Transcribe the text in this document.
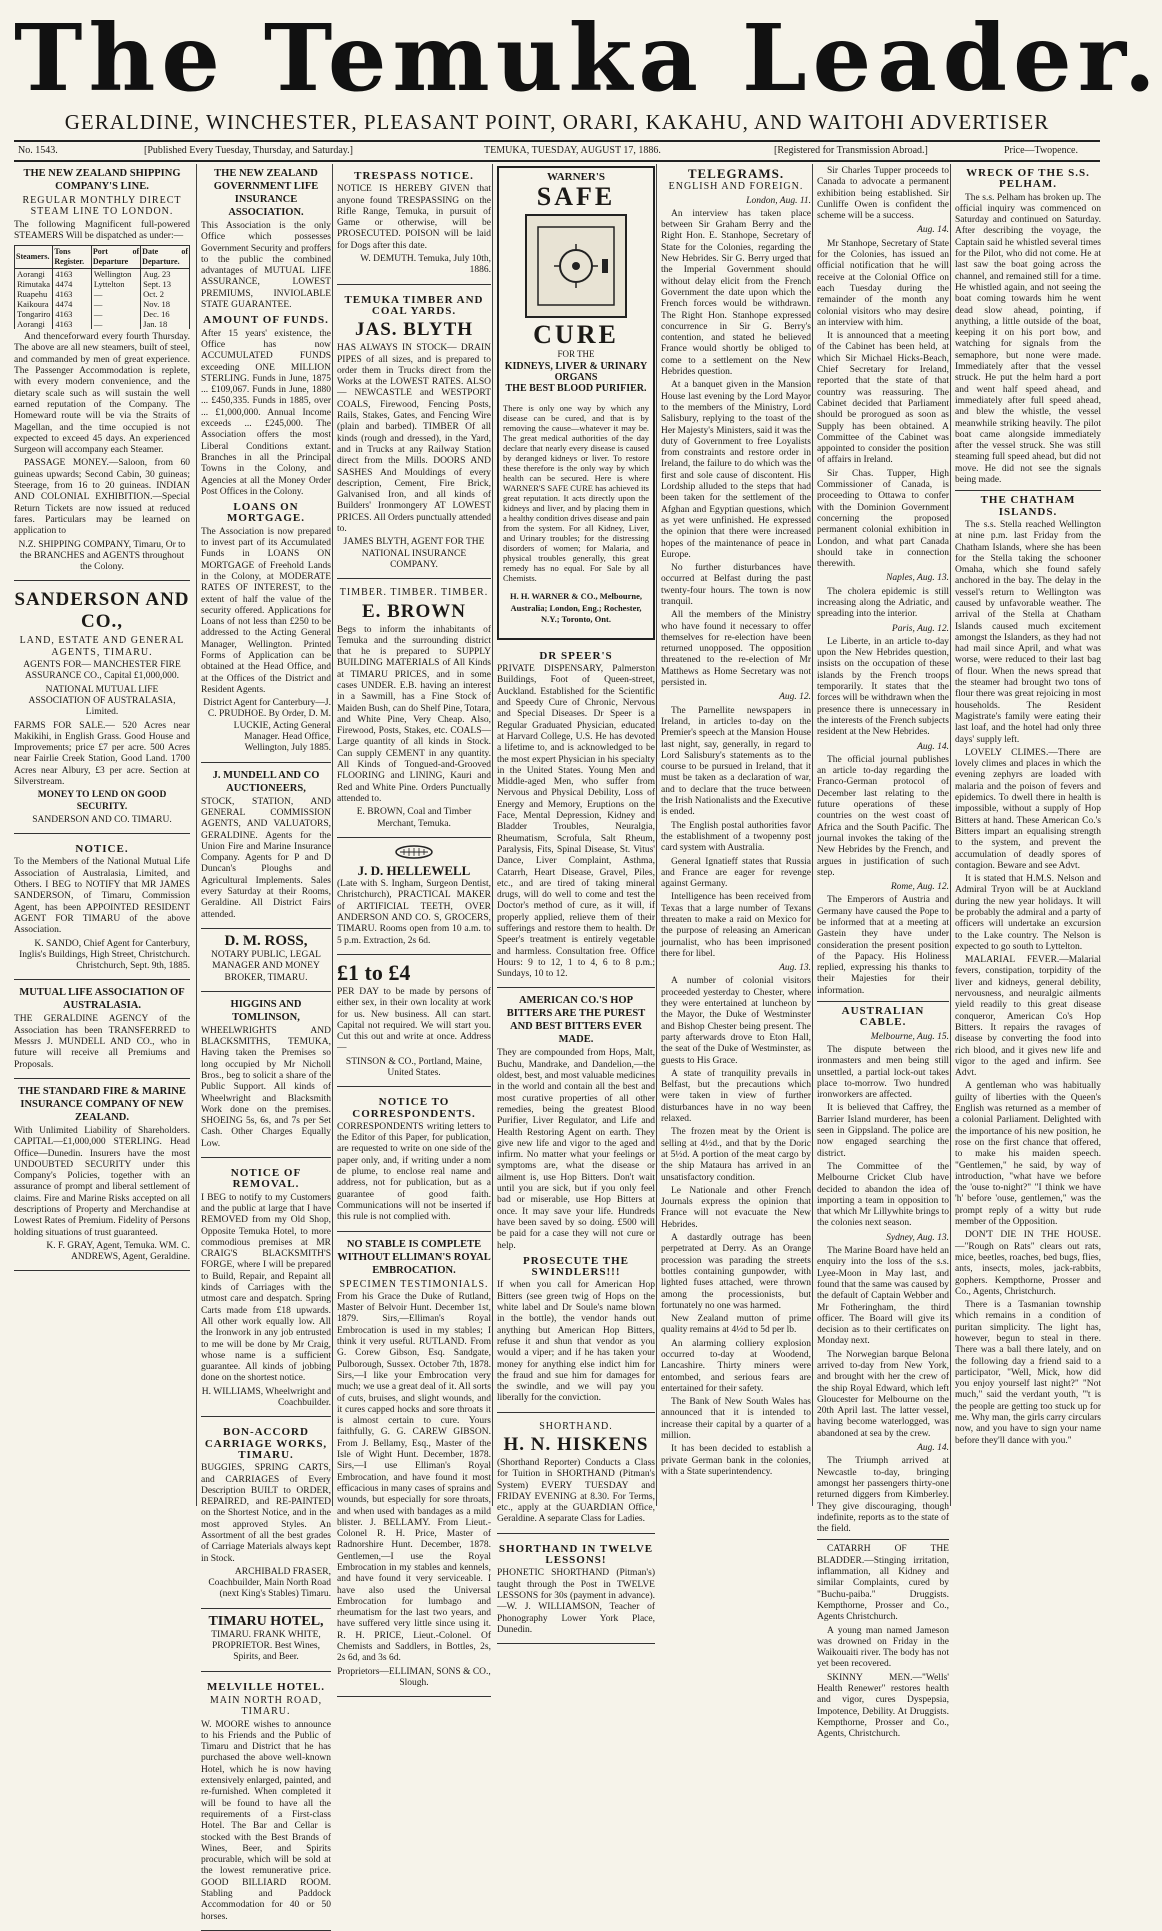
The Temuka Leader.
GERALDINE, WINCHESTER, PLEASANT POINT, ORARI, KAKAHU, AND WAITOHI ADVERTISER
No. 1543.	[Published Every Tuesday, Thursday, and Saturday.]	TEMUKA, TUESDAY, AUGUST 17, 1886.	[Registered for Transmission Abroad.]	Price—Twopence.
THE NEW ZEALAND SHIPPING COMPANY'S LINE.
REGULAR MONTHLY DIRECT STEAM LINE TO LONDON.

The following Magnificent full-powered STEAMERS Will be dispatched as under:—

Steamers.	Tons Register.	Port of Departure	Date of Departure.
Aorangi	4163	Wellington	Aug. 23
Rimutaka	4474	Lyttelton	Sept. 13
Ruapehu	4163	—	Oct. 2
Kaikoura	4474	—	Nov. 18
Tongariro	4163	—	Dec. 16
Aorangi	4163	—	Jan. 18

And thenceforward every fourth Thursday. The above are all new steamers, built of steel, and commanded by men of great experience. The Passenger Accommodation is replete, with every modern convenience, and the dietary scale such as will sustain the well earned reputation of the Company. The Homeward route will be via the Straits of Magellan, and the time occupied is not expected to exceed 45 days. An experienced Surgeon will accompany each Steamer.

PASSAGE MONEY.—Saloon, from 60 guineas upwards; Second Cabin, 30 guineas; Steerage, from 16 to 20 guineas. INDIAN AND COLONIAL EXHIBITION.—Special Return Tickets are now issued at reduced fares. Particulars may be learned on application to

N.Z. SHIPPING COMPANY, Timaru, Or to the BRANCHES and AGENTS throughout the Colony.

SANDERSON AND CO.,
LAND, ESTATE AND GENERAL AGENTS, TIMARU.

AGENTS FOR— MANCHESTER FIRE ASSURANCE CO., Capital £1,000,000.

NATIONAL MUTUAL LIFE ASSOCIATION OF AUSTRALASIA, Limited.

FARMS FOR SALE.— 520 Acres near Makikihi, in English Grass. Good House and Improvements; price £7 per acre. 500 Acres near Fairlie Creek Station, Good Land. 1700 Acres near Albury, £3 per acre. Section at Silverstream.

MONEY TO LEND ON GOOD SECURITY.

SANDERSON AND CO. TIMARU.

NOTICE.

To the Members of the National Mutual Life Association of Australasia, Limited, and Others. I BEG to NOTIFY that MR JAMES SANDERSON, of Timaru, Commission Agent, has been APPOINTED RESIDENT AGENT FOR TIMARU of the above Association.

K. SANDO, Chief Agent for Canterbury, Inglis's Buildings, High Street, Christchurch. Christchurch, Sept. 9th, 1885.

MUTUAL LIFE ASSOCIATION OF AUSTRALASIA.

THE GERALDINE AGENCY of the Association has been TRANSFERRED to Messrs J. MUNDELL AND CO., who in future will receive all Premiums and Proposals.

THE STANDARD FIRE & MARINE INSURANCE COMPANY OF NEW ZEALAND.

With Unlimited Liability of Shareholders. CAPITAL—£1,000,000 STERLING. Head Office—Dunedin. Insurers have the most UNDOUBTED SECURITY under this Company's Policies, together with an assurance of prompt and liberal settlement of claims. Fire and Marine Risks accepted on all descriptions of Property and Merchandise at Lowest Rates of Premium. Fidelity of Persons holding situations of trust guaranteed.

K. F. GRAY, Agent, Temuka. WM. C. ANDREWS, Agent, Geraldine.

THE NEW ZEALAND GOVERNMENT LIFE INSURANCE ASSOCIATION.

This Association is the only Office which possesses Government Security and proffers to the public the combined advantages of MUTUAL LIFE ASSURANCE, LOWEST PREMIUMS, INVIOLABLE STATE GUARANTEE.

AMOUNT OF FUNDS.

After 15 years' existence, the Office has now ACCUMULATED FUNDS exceeding ONE MILLION STERLING. Funds in June, 1875 ... £109,067. Funds in June, 1880 ... £450,335. Funds in 1885, over ... £1,000,000. Annual Income exceeds ... £245,000. The Association offers the most Liberal Conditions extant. Branches in all the Principal Towns in the Colony, and Agencies at all the Money Order Post Offices in the Colony.

LOANS ON MORTGAGE.

The Association is now prepared to invest part of its Accumulated Funds in LOANS ON MORTGAGE of Freehold Lands in the Colony, at MODERATE RATES OF INTEREST, to the extent of half the value of the security offered. Applications for Loans of not less than £250 to be addressed to the Acting General Manager, Wellington. Printed Forms of Application can be obtained at the Head Office, and at the Offices of the District and Resident Agents.

District Agent for Canterbury—J. C. PRUDHOE. By Order, D. M. LUCKIE, Acting General Manager. Head Office, Wellington, July 1885.

J. MUNDELL AND CO AUCTIONEERS,

STOCK, STATION, AND GENERAL COMMISSION AGENTS, AND VALUATORS, GERALDINE. Agents for the Union Fire and Marine Insurance Company. Agents for P and D Duncan's Ploughs and Agricultural Implements. Sales every Saturday at their Rooms, Geraldine. All District Fairs attended.

D. M. ROSS,

NOTARY PUBLIC, LEGAL MANAGER AND MONEY BROKER, TIMARU.

HIGGINS AND TOMLINSON,

WHEELWRIGHTS AND BLACKSMITHS, TEMUKA, Having taken the Premises so long occupied by Mr Nicholl Bros., beg to solicit a share of the Public Support. All kinds of Wheelwright and Blacksmith Work done on the premises. SHOEING 5s, 6s, and 7s per Set Cash. Other Charges Equally Low.

NOTICE OF REMOVAL.

I BEG to notify to my Customers and the public at large that I have REMOVED from my Old Shop, Opposite Temuka Hotel, to more commodious premises at MR CRAIG'S BLACKSMITH'S FORGE, where I will be prepared to Build, Repair, and Repaint all kinds of Carriages with the utmost care and despatch. Spring Carts made from £18 upwards. All other work equally low. All the Ironwork in any job entrusted to me will be done by Mr Craig, whose name is a sufficient guarantee. All kinds of jobbing done on the shortest notice.

H. WILLIAMS, Wheelwright and Coachbuilder.

BON-ACCORD CARRIAGE WORKS, TIMARU.

BUGGIES, SPRING CARTS, and CARRIAGES of Every Description BUILT to ORDER, REPAIRED, and RE-PAINTED on the Shortest Notice, and in the most approved Styles. An Assortment of all the best grades of Carriage Materials always kept in Stock.

ARCHIBALD FRASER, Coachbuilder, Main North Road (next King's Stables) Timaru.

TIMARU HOTEL,

TIMARU. FRANK WHITE, PROPRIETOR. Best Wines, Spirits, and Beer.

MELVILLE HOTEL.
MAIN NORTH ROAD, TIMARU.

W. MOORE wishes to announce to his Friends and the Public of Timaru and District that he has purchased the above well-known Hotel, which he is now having extensively enlarged, painted, and re-furnished. When completed it will be found to have all the requirements of a First-class Hotel. The Bar and Cellar is stocked with the Best Brands of Wines, Beer, and Spirits procurable, which will be sold at the lowest remunerative price. GOOD BILLIARD ROOM. Stabling and Paddock Accommodation for 40 or 50 horses.

TRESPASS NOTICE.

NOTICE IS HEREBY GIVEN that anyone found TRESPASSING on the Rifle Range, Temuka, in pursuit of Game or otherwise, will be PROSECUTED. POISON will be laid for Dogs after this date.

W. DEMUTH. Temuka, July 10th, 1886.

TEMUKA TIMBER AND COAL YARDS.
JAS. BLYTH

HAS ALWAYS IN STOCK— DRAIN PIPES of all sizes, and is prepared to order them in Trucks direct from the Works at the LOWEST RATES. ALSO— NEWCASTLE and WESTPORT COALS, Firewood, Fencing Posts, Rails, Stakes, Gates, and Fencing Wire (plain and barbed). TIMBER Of all kinds (rough and dressed), in the Yard, and in Trucks at any Railway Station direct from the Mills. DOORS AND SASHES And Mouldings of every description, Cement, Fire Brick, Galvanised Iron, and all kinds of Builders' Ironmongery AT LOWEST PRICES. All Orders punctually attended to.

JAMES BLYTH, AGENT FOR THE NATIONAL INSURANCE COMPANY.

TIMBER. TIMBER. TIMBER.
E. BROWN

Begs to inform the inhabitants of Temuka and the surrounding district that he is prepared to SUPPLY BUILDING MATERIALS of All Kinds at TIMARU PRICES, and in some cases UNDER. E.B. having an interest in a Sawmill, has a Fine Stock of Maiden Bush, can do Shelf Pine, Totara, and White Pine, Very Cheap. Also, Firewood, Posts, Stakes, etc. COALS—Large quantity of all kinds in Stock. Can supply CEMENT in any quantity. All Kinds of Tongued-and-Grooved FLOORING and LINING, Kauri and Red and White Pine. Orders Punctually attended to.

E. BROWN, Coal and Timber Merchant, Temuka.

J. D. HELLEWELL

(Late with S. Ingham, Surgeon Dentist, Christchurch), PRACTICAL MAKER of ARTIFICIAL TEETH, OVER ANDERSON AND CO. S, GROCERS, TIMARU. Rooms open from 10 a.m. to 5 p.m. Extraction, 2s 6d.

£1 to £4

PER DAY to be made by persons of either sex, in their own locality at work for us. New business. All can start. Capital not required. We will start you. Cut this out and write at once. Address—

STINSON & CO., Portland, Maine, United States.

NOTICE TO CORRESPONDENTS.

CORRESPONDENTS writing letters to the Editor of this Paper, for publication, are requested to write on one side of the paper only, and, if writing under a nom de plume, to enclose real name and address, not for publication, but as a guarantee of good faith. Communications will not be inserted if this rule is not complied with.

NO STABLE IS COMPLETE WITHOUT ELLIMAN'S ROYAL EMBROCATION.
SPECIMEN TESTIMONIALS.

From his Grace the Duke of Rutland, Master of Belvoir Hunt. December 1st, 1879. Sirs,—Elliman's Royal Embrocation is used in my stables; I think it very useful. RUTLAND. From G. Corew Gibson, Esq. Sandgate, Pulborough, Sussex. October 7th, 1878. Sirs,—I like your Embrocation very much; we use a great deal of it. All sorts of cuts, bruises, and slight wounds, and it cures capped hocks and sore throats it is almost certain to cure. Yours faithfully, G. G. CAREW GIBSON. From J. Bellamy, Esq., Master of the Isle of Wight Hunt. December, 1878. Sirs,—I use Elliman's Royal Embrocation, and have found it most efficacious in many cases of sprains and wounds, but especially for sore throats, and when used with bandages as a mild blister. J. BELLAMY. From Lieut.-Colonel R. H. Price, Master of Radnorshire Hunt. December, 1878. Gentlemen,—I use the Royal Embrocation in my stables and kennels, and have found it very serviceable. I have also used the Universal Embrocation for lumbago and rheumatism for the last two years, and have suffered very little since using it. R. H. PRICE, Lieut.-Colonel. Of Chemists and Saddlers, in Bottles, 2s, 2s 6d, and 3s 6d.

Proprietors—ELLIMAN, SONS & CO., Slough.

WARNER'S
SAFE
CURE
FOR THE
KIDNEYS, LIVER & URINARY ORGANS
THE BEST BLOOD PURIFIER.

There is only one way by which any disease can be cured, and that is by removing the cause—whatever it may be. The great medical authorities of the day declare that nearly every disease is caused by deranged kidneys or liver. To restore these therefore is the only way by which health can be secured. Here is where WARNER'S SAFE CURE has achieved its great reputation. It acts directly upon the kidneys and liver, and by placing them in a healthy condition drives disease and pain from the system. For all Kidney, Liver, and Urinary troubles; for the distressing disorders of women; for Malaria, and physical troubles generally, this great remedy has no equal. For Sale by all Chemists.

H. H. WARNER & CO., Melbourne, Australia; London, Eng.; Rochester, N.Y.; Toronto, Ont.

DR SPEER'S

PRIVATE DISPENSARY, Palmerston Buildings, Foot of Queen-street, Auckland. Established for the Scientific and Speedy Cure of Chronic, Nervous and Special Diseases. Dr Speer is a Regular Graduated Physician, educated at Harvard College, U.S. He has devoted a lifetime to, and is acknowledged to be the most expert Physician in his specialty in the United States. Young Men and Middle-aged Men, who suffer from Nervous and Physical Debility, Loss of Energy and Memory, Eruptions on the Face, Mental Depression, Kidney and Bladder Troubles, Neuralgia, Rheumatism, Scrofula, Salt Rheum, Paralysis, Fits, Spinal Disease, St. Vitus' Dance, Liver Complaint, Asthma, Catarrh, Heart Disease, Gravel, Piles, etc., and are tired of taking mineral drugs, will do well to come and test the Doctor's method of cure, as it will, if properly applied, relieve them of their sufferings and restore them to health. Dr Speer's treatment is entirely vegetable and harmless. Consultation free. Office Hours: 9 to 12, 1 to 4, 6 to 8 p.m.; Sundays, 10 to 12.

AMERICAN CO.'S HOP BITTERS ARE THE PUREST AND BEST BITTERS EVER MADE.

They are compounded from Hops, Malt, Buchu, Mandrake, and Dandelion,—the oldest, best, and most valuable medicines in the world and contain all the best and most curative properties of all other remedies, being the greatest Blood Purifier, Liver Regulator, and Life and Health Restoring Agent on earth. They give new life and vigor to the aged and infirm. No matter what your feelings or symptoms are, what the disease or ailment is, use Hop Bitters. Don't wait until you are sick, but if you only feel bad or miserable, use Hop Bitters at once. It may save your life. Hundreds have been saved by so doing. £500 will be paid for a case they will not cure or help.

PROSECUTE THE SWINDLERS!!!

If when you call for American Hop Bitters (see green twig of Hops on the white label and Dr Soule's name blown in the bottle), the vendor hands out anything but American Hop Bitters, refuse it and shun that vendor as you would a viper; and if he has taken your money for anything else indict him for the fraud and sue him for damages for the swindle, and we will pay you liberally for the conviction.

SHORTHAND.
H. N. HISKENS

(Shorthand Reporter) Conducts a Class for Tuition in SHORTHAND (Pitman's System) EVERY TUESDAY and FRIDAY EVENING at 8.30. For Terms, etc., apply at the GUARDIAN Office, Geraldine. A separate Class for Ladies.

SHORTHAND IN TWELVE LESSONS!

PHONETIC SHORTHAND (Pitman's) taught through the Post in TWELVE LESSONS for 30s (payment in advance).—W. J. WILLIAMSON, Teacher of Phonography Lower York Place, Dunedin.

TELEGRAMS.
ENGLISH AND FOREIGN.
London, Aug. 11.

An interview has taken place between Sir Graham Berry and the Right Hon. E. Stanhope, Secretary of State for the Colonies, regarding the New Hebrides. Sir G. Berry urged that the Imperial Government should without delay elicit from the French Government the date upon which the French forces would be withdrawn. The Right Hon. Stanhope expressed concurrence in Sir G. Berry's contention, and stated he believed France would shortly be obliged to come to a settlement on the New Hebrides question.

At a banquet given in the Mansion House last evening by the Lord Mayor to the members of the Ministry, Lord Salisbury, replying to the toast of the Her Majesty's Ministers, said it was the duty of Government to free Loyalists from constraints and restore order in Ireland, the failure to do which was the first and sole cause of discontent. His Lordship alluded to the steps that had been taken for the settlement of the Afghan and Egyptian questions, which as yet were unfinished. He expressed the opinion that there were increased hopes of the maintenance of peace in Europe.

No further disturbances have occurred at Belfast during the past twenty-four hours. The town is now tranquil.

All the members of the Ministry who have found it necessary to offer themselves for re-election have been returned unopposed. The opposition threatened to the re-election of Mr Matthews as Home Secretary was not persisted in.

Aug. 12.

The Parnellite newspapers in Ireland, in articles to-day on the Premier's speech at the Mansion House last night, say, generally, in regard to Lord Salisbury's statements as to the course to be pursued in Ireland, that it must be taken as a declaration of war, and to declare that the truce between the Irish Nationalists and the Executive is ended.

The English postal authorities favor the establishment of a twopenny post card system with Australia.

General Ignatieff states that Russia and France are eager for revenge against Germany.

Intelligence has been received from Texas that a large number of Texans threaten to make a raid on Mexico for the purpose of releasing an American journalist, who has been imprisoned there for libel.

Aug. 13.

A number of colonial visitors proceeded yesterday to Chester, where they were entertained at luncheon by the Mayor, the Duke of Westminster and Bishop Chester being present. The party afterwards drove to Eton Hall, the seat of the Duke of Westminster, as guests to His Grace.

A state of tranquility prevails in Belfast, but the precautions which were taken in view of further disturbances have in no way been relaxed.

The frozen meat by the Orient is selling at 4½d., and that by the Doric at 5½d. A portion of the meat cargo by the ship Mataura has arrived in an unsatisfactory condition.

Le Nationale and other French Journals express the opinion that France will not evacuate the New Hebrides.

A dastardly outrage has been perpetrated at Derry. As an Orange procession was parading the streets bottles containing gunpowder, with lighted fuses attached, were thrown among the processionists, but fortunately no one was harmed.

New Zealand mutton of prime quality remains at 4½d to 5d per lb.

An alarming colliery explosion occurred to-day at Woodend, Lancashire. Thirty miners were entombed, and serious fears are entertained for their safety.

The Bank of New South Wales has announced that it is intended to increase their capital by a quarter of a million.

It has been decided to establish a private German bank in the colonies, with a State superintendency.

Sir Charles Tupper proceeds to Canada to advocate a permanent exhibition being established. Sir Cunliffe Owen is confident the scheme will be a success.

Aug. 14.

Mr Stanhope, Secretary of State for the Colonies, has issued an official notification that he will receive at the Colonial Office on each Tuesday during the remainder of the month any colonial visitors who may desire an interview with him.

It is announced that a meeting of the Cabinet has been held, at which Sir Michael Hicks-Beach, Chief Secretary for Ireland, reported that the state of that country was reassuring. The Cabinet decided that Parliament should be prorogued as soon as Supply has been obtained. A Committee of the Cabinet was appointed to consider the position of affairs in Ireland.

Sir Chas. Tupper, High Commissioner of Canada, is proceeding to Ottawa to confer with the Dominion Government concerning the proposed permanent colonial exhibition in London, and what part Canada should take in connection therewith.

Naples, Aug. 13.

The cholera epidemic is still increasing along the Adriatic, and spreading into the interior.

Paris, Aug. 12.

Le Liberte, in an article to-day upon the New Hebrides question, insists on the occupation of these islands by the French troops temporarily. It states that the forces will be withdrawn when the presence there is unnecessary in the interests of the French subjects resident at the New Hebrides.

Aug. 14.

The official journal publishes an article to-day regarding the Franco-German protocol of December last relating to the future operations of these countries on the west coast of Africa and the South Pacific. The journal invokes the taking of the New Hebrides by the French, and argues in justification of such step.

Rome, Aug. 12.

The Emperors of Austria and Germany have caused the Pope to be informed that at a meeting at Gastein they have under consideration the present position of the Papacy. His Holiness replied, expressing his thanks to their Majesties for their information.

AUSTRALIAN CABLE.
Melbourne, Aug. 15.

The dispute between the ironmasters and men being still unsettled, a partial lock-out takes place to-morrow. Two hundred ironworkers are affected.

It is believed that Caffrey, the Barrier Island murderer, has been seen in Gippsland. The police are now engaged searching the district.

The Committee of the Melbourne Cricket Club have decided to abandon the idea of importing a team in opposition to that which Mr Lillywhite brings to the colonies next season.

Sydney, Aug. 13.

The Marine Board have held an enquiry into the loss of the s.s. Lyee-Moon in May last, and found that the same was caused by the default of Captain Webber and Mr Fotheringham, the third officer. The Board will give its decision as to their certificates on Monday next.

The Norwegian barque Belona arrived to-day from New York, and brought with her the crew of the ship Royal Edward, which left Gloucester for Melbourne on the 20th April last. The latter vessel, having become waterlogged, was abandoned at sea by the crew.

Aug. 14.

The Triumph arrived at Newcastle to-day, bringing amongst her passengers thirty-one returned diggers from Kimberley. They give discouraging, though indefinite, reports as to the state of the field.

CATARRH OF THE BLADDER.—Stinging irritation, inflammation, all Kidney and similar Complaints, cured by "Buchu-paiba." Druggists. Kempthorne, Prosser and Co., Agents Christchurch.

A young man named Jameson was drowned on Friday in the Waikouaiti river. The body has not yet been recovered.

SKINNY MEN.—"Wells' Health Renewer" restores health and vigor, cures Dyspepsia, Impotence, Debility. At Druggists. Kempthorne, Prosser and Co., Agents, Christchurch.

WRECK OF THE S.S. PELHAM.

The s.s. Pelham has broken up. The official inquiry was commenced on Saturday and continued on Saturday. After describing the voyage, the Captain said he whistled several times for the Pilot, who did not come. He at last saw the boat going across the channel, and remained still for a time. He whistled again, and not seeing the boat coming towards him he went dead slow ahead, pointing, if anything, a little outside of the boat, keeping it on his port bow, and watching for signals from the semaphore, but none were made. Immediately after that the vessel struck. He put the helm hard a port and went half speed ahead, and immediately after full speed ahead, and blew the whistle, the vessel meanwhile striking heavily. The pilot boat came alongside immediately after the vessel struck. She was still steaming full speed ahead, but did not move. He did not see the signals being made.

THE CHATHAM ISLANDS.

The s.s. Stella reached Wellington at nine p.m. last Friday from the Chatham Islands, where she has been for the Stella taking the schooner Omaha, which she found safely anchored in the bay. The delay in the vessel's return to Wellington was caused by unfavorable weather. The arrival of the Stella at Chatham Islands caused much excitement amongst the Islanders, as they had not had mail since April, and what was worse, were reduced to their last bag of flour. When the news spread that the steamer had brought two tons of flour there was great rejoicing in most households. The Resident Magistrate's family were eating their last loaf, and the hotel had only three days' supply left.

LOVELY CLIMES.—There are lovely climes and places in which the evening zephyrs are loaded with malaria and the poison of fevers and epidemics. To dwell there in health is impossible, without a supply of Hop Bitters at hand. These American Co.'s Bitters impart an equalising strength to the system, and prevent the accumulation of deadly spores of contagion. Beware and see Advt.

It is stated that H.M.S. Nelson and Admiral Tryon will be at Auckland during the new year holidays. It will be probably the admiral and a party of officers will undertake an excursion to the Lake country. The Nelson is expected to go south to Lyttelton.

MALARIAL FEVER.—Malarial fevers, constipation, torpidity of the liver and kidneys, general debility, nervousness, and neuralgic ailments yield readily to this great disease conqueror, American Co's Hop Bitters. It repairs the ravages of disease by converting the food into rich blood, and it gives new life and vigor to the aged and infirm. See Advt.

A gentleman who was habitually guilty of liberties with the Queen's English was returned as a member of a colonial Parliament. Delighted with the importance of his new position, he rose on the first chance that offered, to make his maiden speech. "Gentlemen," he said, by way of introduction, "what have we before the 'ouse to-night?" "I think we have 'h' before 'ouse, gentlemen," was the prompt reply of a witty but rude member of the Opposition.

DON'T DIE IN THE HOUSE.—"Rough on Rats" clears out rats, mice, beetles, roaches, bed bugs, flies, ants, insects, moles, jack-rabbits, gophers. Kempthorne, Prosser and Co., Agents, Christchurch.

There is a Tasmanian township which remains in a condition of puritan simplicity. The light has, however, begun to steal in there. There was a ball there lately, and on the following day a friend said to a participator, "Well, Mick, how did you enjoy yourself last night?" "Not much," said the verdant youth, "'t is the people are getting too stuck up for me. Why man, the girls carry circulars now, and you have to sign your name before they'll dance with you."
